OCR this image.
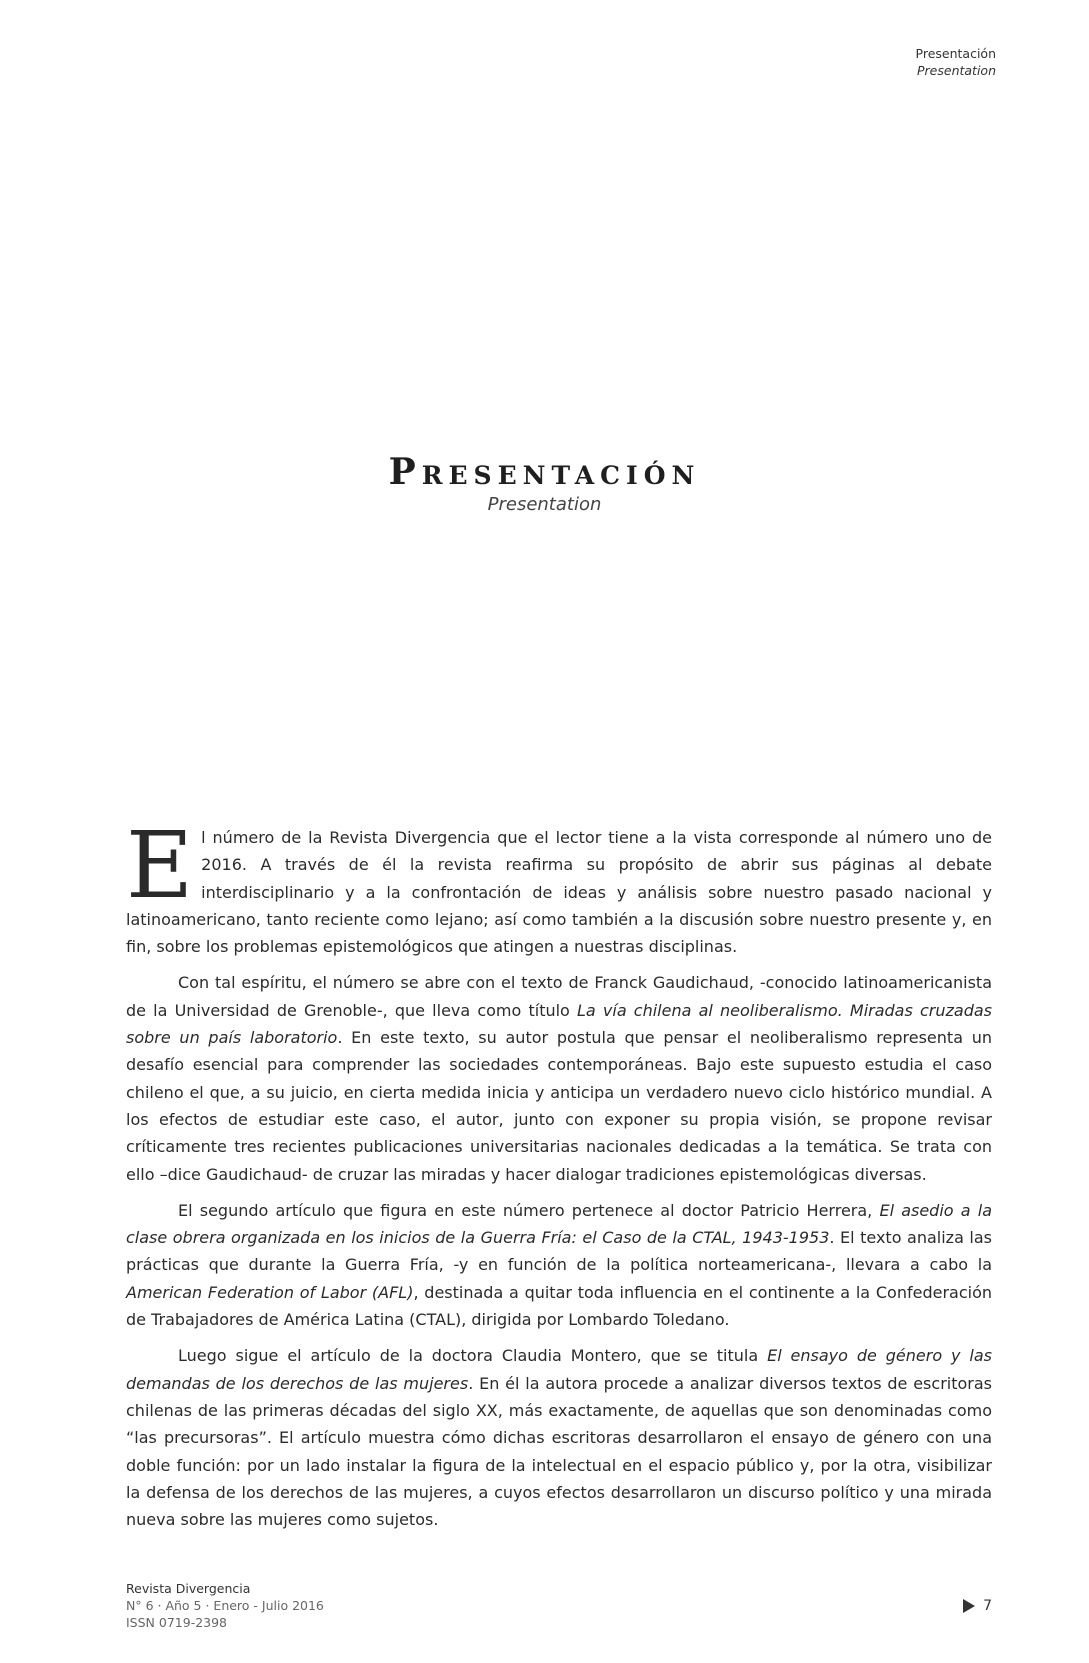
Presentación
Presentation
Presentación
Presentation

El número de la Revista Divergencia que el lector tiene a la vista corresponde al número uno de 2016. A través de él la revista reafirma su propósito de abrir sus páginas al debate interdisciplinario y a la confrontación de ideas y análisis sobre nuestro pasado nacional y latinoamericano, tanto reciente como lejano; así como también a la discusión sobre nuestro presente y, en fin, sobre los problemas epistemológicos que atingen a nuestras disciplinas.

Con tal espíritu, el número se abre con el texto de Franck Gaudichaud, -conocido latinoamericanista de la Universidad de Grenoble-, que lleva como título La vía chilena al neoliberalismo. Miradas cruzadas sobre un país laboratorio. En este texto, su autor postula que pensar el neoliberalismo representa un desafío esencial para comprender las sociedades contemporáneas. Bajo este supuesto estudia el caso chileno el que, a su juicio, en cierta medida inicia y anticipa un verdadero nuevo ciclo histórico mundial. A los efectos de estudiar este caso, el autor, junto con exponer su propia visión, se propone revisar críticamente tres recientes publicaciones universitarias nacionales dedicadas a la temática. Se trata con ello –dice Gaudichaud- de cruzar las miradas y hacer dialogar tradiciones epistemológicas diversas.

El segundo artículo que figura en este número pertenece al doctor Patricio Herrera, El asedio a la clase obrera organizada en los inicios de la Guerra Fría: el Caso de la CTAL, 1943-1953. El texto analiza las prácticas que durante la Guerra Fría, -y en función de la política norteamericana-, llevara a cabo la American Federation of Labor (AFL), destinada a quitar toda influencia en el continente a la Confederación de Trabajadores de América Latina (CTAL), dirigida por Lombardo Toledano.

Luego sigue el artículo de la doctora Claudia Montero, que se titula El ensayo de género y las demandas de los derechos de las mujeres. En él la autora procede a analizar diversos textos de escritoras chilenas de las primeras décadas del siglo XX, más exactamente, de aquellas que son denominadas como “las precursoras”. El artículo muestra cómo dichas escritoras desarrollaron el ensayo de género con una doble función: por un lado instalar la figura de la intelectual en el espacio público y, por la otra, visibilizar la defensa de los derechos de las mujeres, a cuyos efectos desarrollaron un discurso político y una mirada nueva sobre las mujeres como sujetos.

Revista Divergencia
N° 6 · Año 5 · Enero - Julio 2016
ISSN 0719-2398
7
